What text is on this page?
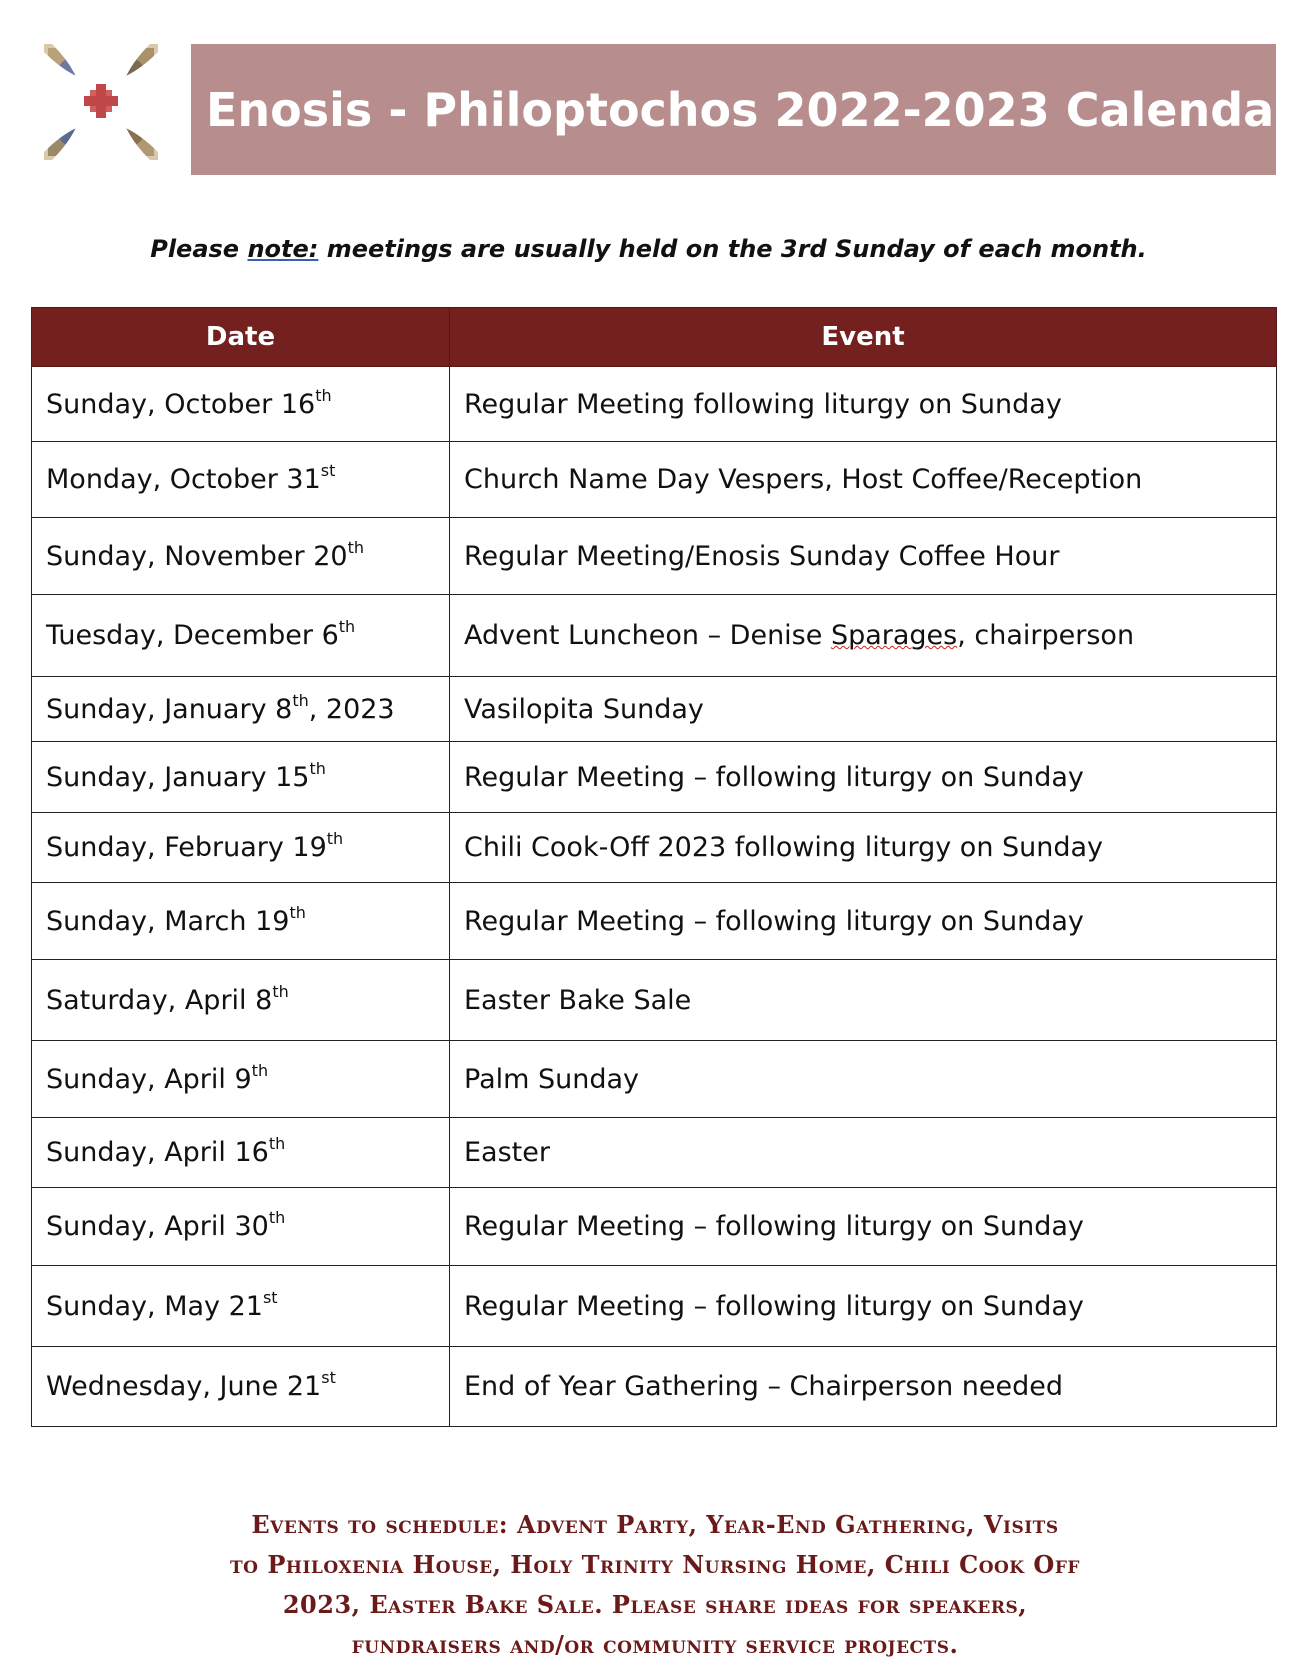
Enosis - Philoptochos 2022-2023 Calendar
Please note: meetings are usually held on the 3rd Sunday of each month.
Date	Event
Sunday, October 16th	Regular Meeting following liturgy on Sunday
Monday, October 31st	Church Name Day Vespers, Host Coffee/Reception
Sunday, November 20th	Regular Meeting/Enosis Sunday Coffee Hour
Tuesday, December 6th	Advent Luncheon – Denise Sparages, chairperson
Sunday, January 8th, 2023	Vasilopita Sunday
Sunday, January 15th	Regular Meeting – following liturgy on Sunday
Sunday, February 19th	Chili Cook-Off 2023 following liturgy on Sunday
Sunday, March 19th	Regular Meeting – following liturgy on Sunday
Saturday, April 8th	Easter Bake Sale
Sunday, April 9th	Palm Sunday
Sunday, April 16th	Easter
Sunday, April 30th	Regular Meeting – following liturgy on Sunday
Sunday, May 21st	Regular Meeting – following liturgy on Sunday
Wednesday, June 21st	End of Year Gathering – Chairperson needed
Events to schedule: Advent Party, Year-End Gathering, Visits
to Philoxenia House, Holy Trinity Nursing Home, Chili Cook Off
2023, Easter Bake Sale. Please share ideas for speakers,
fundraisers and/or community service projects.
